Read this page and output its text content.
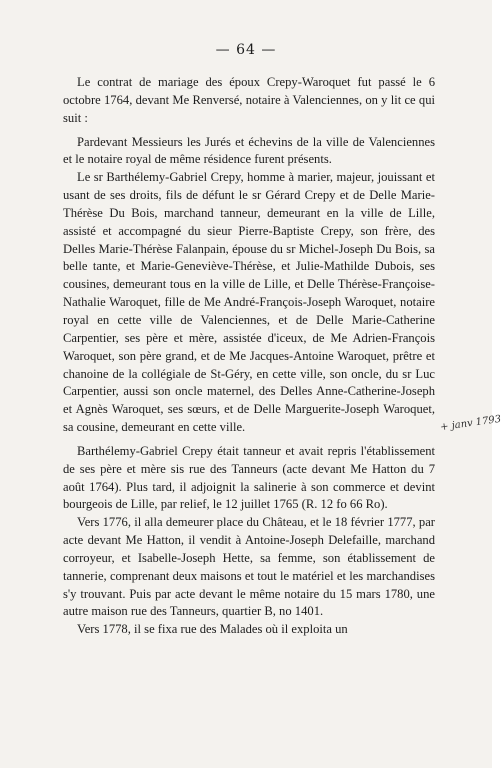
— 64 —

Le contrat de mariage des époux Crepy-Waroquet fut passé le 6 octobre 1764, devant Me Renversé, notaire à Valenciennes, on y lit ce qui suit :

Pardevant Messieurs les Jurés et échevins de la ville de Valenciennes et le notaire royal de même résidence furent présents.

Le sr Barthélemy-Gabriel Crepy, homme à marier, majeur, jouissant et usant de ses droits, fils de défunt le sr Gérard Crepy et de Delle Marie-Thérèse Du Bois, marchand tanneur, demeurant en la ville de Lille, assisté et accompagné du sieur Pierre-Baptiste Crepy, son frère, des Delles Marie-Thérèse Falanpain, épouse du sr Michel-Joseph Du Bois, sa belle tante, et Marie-Geneviève-Thérèse, et Julie-Mathilde Dubois, ses cousines, demeurant tous en la ville de Lille, et Delle Thérèse-Françoise-Nathalie Waroquet, fille de Me André-François-Joseph Waroquet, notaire royal en cette ville de Valenciennes, et de Delle Marie-Catherine Carpentier, ses père et mère, assistée d'iceux, de Me Adrien-François Waroquet, son père grand, et de Me Jacques-Antoine Waroquet, prêtre et chanoine de la collégiale de St-Géry, en cette ville, son oncle, du sr Luc Carpentier, aussi son oncle maternel, des Delles Anne-Catherine-Joseph et Agnès Waroquet, ses sœurs, et de Delle Marguerite-Joseph Waroquet, sa cousine, demeurant en cette ville.

Barthélemy-Gabriel Crepy était tanneur et avait repris l'établissement de ses père et mère sis rue des Tanneurs (acte devant Me Hatton du 7 août 1764). Plus tard, il adjoignit la salinerie à son commerce et devint bourgeois de Lille, par relief, le 12 juillet 1765 (R. 12 fo 66 Ro).

Vers 1776, il alla demeurer place du Château, et le 18 février 1777, par acte devant Me Hatton, il vendit à Antoine-Joseph Delefaille, marchand corroyeur, et Isabelle-Joseph Hette, sa femme, son établissement de tannerie, comprenant deux maisons et tout le matériel et les marchandises s'y trouvant. Puis par acte devant le même notaire du 15 mars 1780, une autre maison rue des Tanneurs, quartier B, no 1401.

Vers 1778, il se fixa rue des Malades où il exploita un

+ janv 1793
